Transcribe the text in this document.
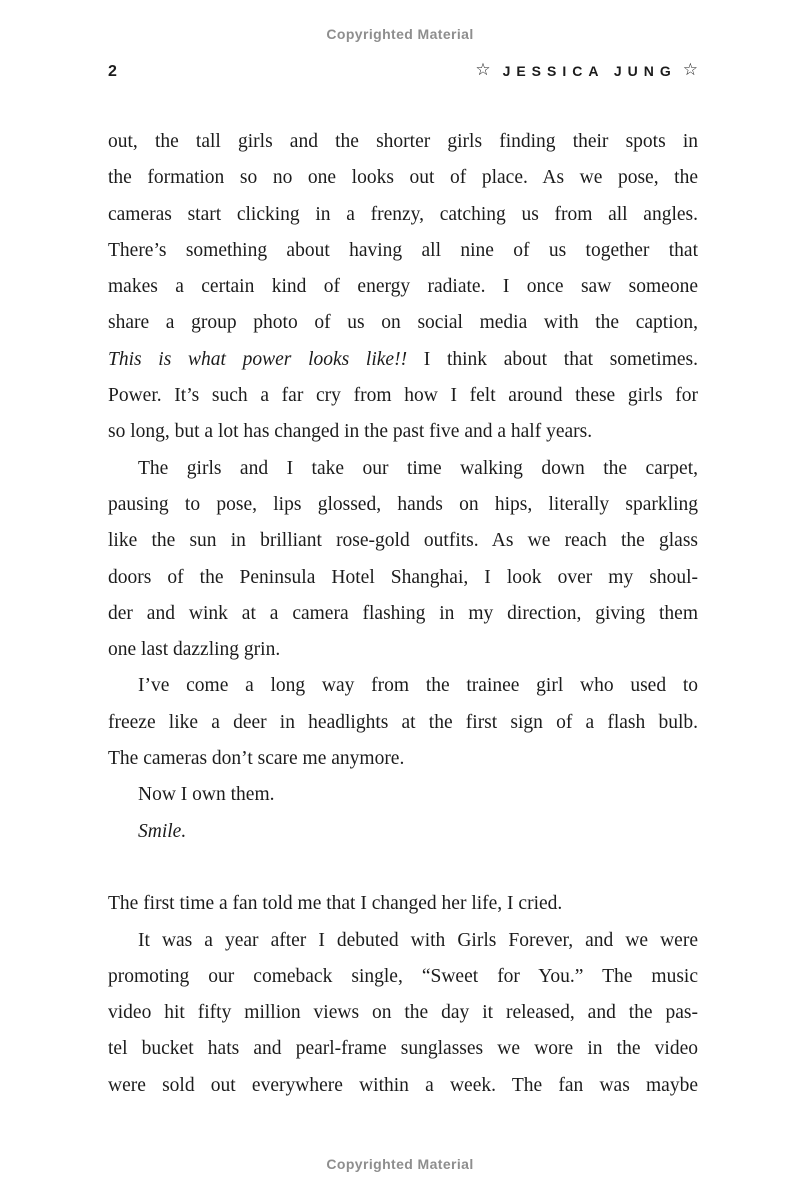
Copyrighted Material
2	☆ JESSICA JUNG ☆
out, the tall girls and the shorter girls finding their spots in
the formation so no one looks out of place. As we pose, the
cameras start clicking in a frenzy, catching us from all angles.
There’s something about having all nine of us together that
makes a certain kind of energy radiate. I once saw someone
share a group photo of us on social media with the caption,
This is what power looks like!! I think about that sometimes.
Power. It’s such a far cry from how I felt around these girls for
so long, but a lot has changed in the past five and a half years.
The girls and I take our time walking down the carpet,
pausing to pose, lips glossed, hands on hips, literally sparkling
like the sun in brilliant rose-gold outfits. As we reach the glass
doors of the Peninsula Hotel Shanghai, I look over my shoul-
der and wink at a camera flashing in my direction, giving them
one last dazzling grin.
I’ve come a long way from the trainee girl who used to
freeze like a deer in headlights at the first sign of a flash bulb.
The cameras don’t scare me anymore.
Now I own them.
Smile.
The first time a fan told me that I changed her life, I cried.
It was a year after I debuted with Girls Forever, and we were
promoting our comeback single, “Sweet for You.” The music
video hit fifty million views on the day it released, and the pas-
tel bucket hats and pearl-frame sunglasses we wore in the video
were sold out everywhere within a week. The fan was maybe
Copyrighted Material
